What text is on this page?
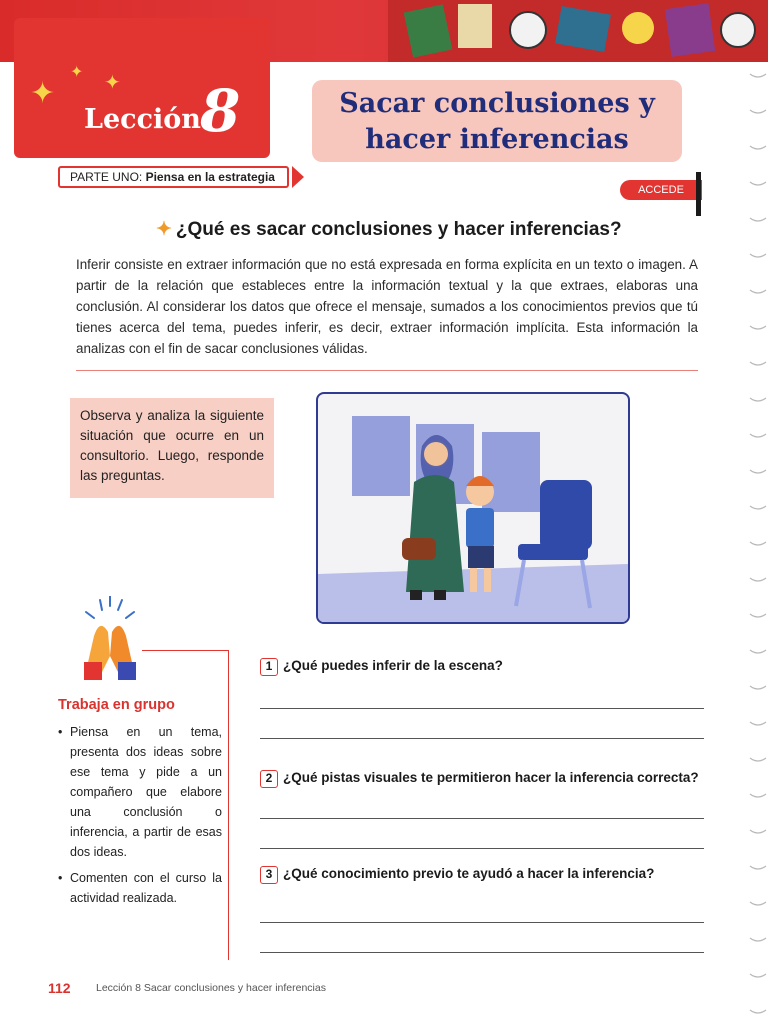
✦
✦ ✦
Lección 8	Sacar conclusiones y
hacer inferencias
PARTE UNO: Piensa en la estrategia
ACCEDE
✦ ¿Qué es sacar conclusiones y hacer inferencias?

Inferir consiste en extraer información que no está expresada en forma explícita en un texto o imagen. A partir de la relación que estableces entre la información textual y la que extraes, elaboras una conclusión. Al considerar los datos que ofrece el mensaje, sumados a los conocimientos previos que tú tienes acerca del tema, puedes inferir, es decir, extraer información implícita. Esta información la analizas con el fin de sacar conclusiones válidas.

Observa y analiza la siguiente situación que ocurre en un consultorio. Luego, responde las preguntas.
Trabaja en grupo
• Piensa en un tema, presenta dos ideas sobre ese tema y pide a un compañero que elabore una conclusión o inferencia, a partir de esas dos ideas.
• Comenten con el curso la actividad realizada.
1 ¿Qué puedes inferir de la escena?
2 ¿Qué pistas visuales te permitieron hacer la inferencia correcta?
3 ¿Qué conocimiento previo te ayudó a hacer la inferencia?
112 Lección 8 Sacar conclusiones y hacer inferencias
